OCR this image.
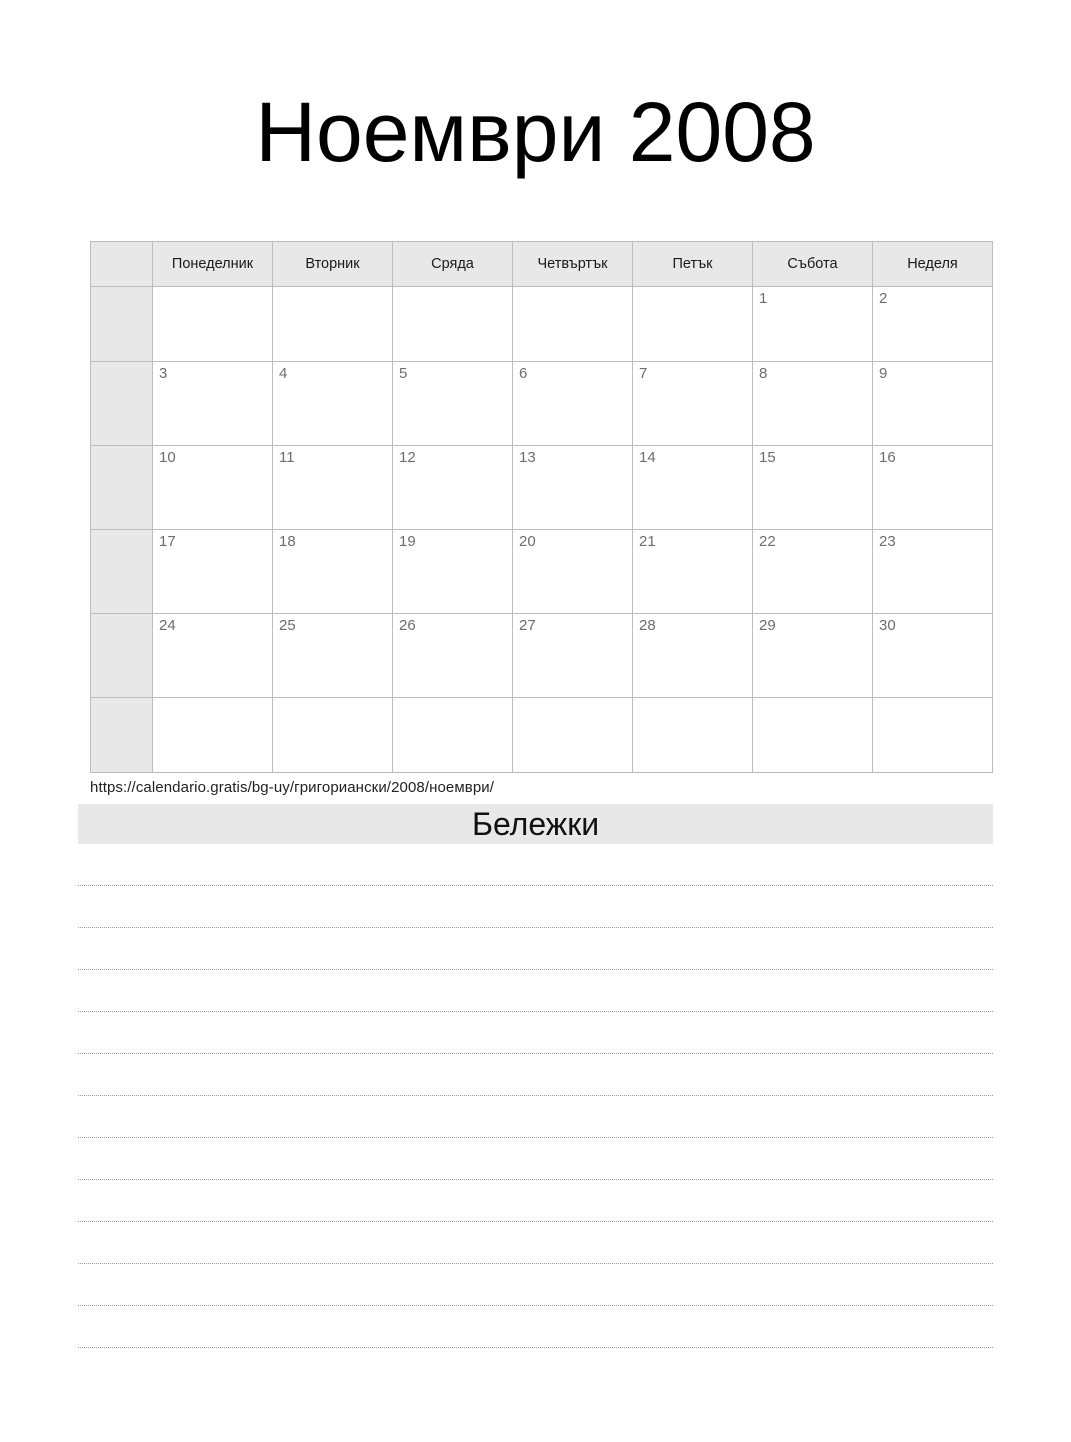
Ноември 2008
	Понеделник	Вторник	Сряда	Четвъртък	Петък	Събота	Неделя

						1	2

	3	4	5	6	7	8	9

	10	11	12	13	14	15	16

	17	18	19	20	21	22	23

	24	25	26	27	28	29	30

https://calendario.gratis/bg-uy/григориански/2008/ноември/
Бележки
